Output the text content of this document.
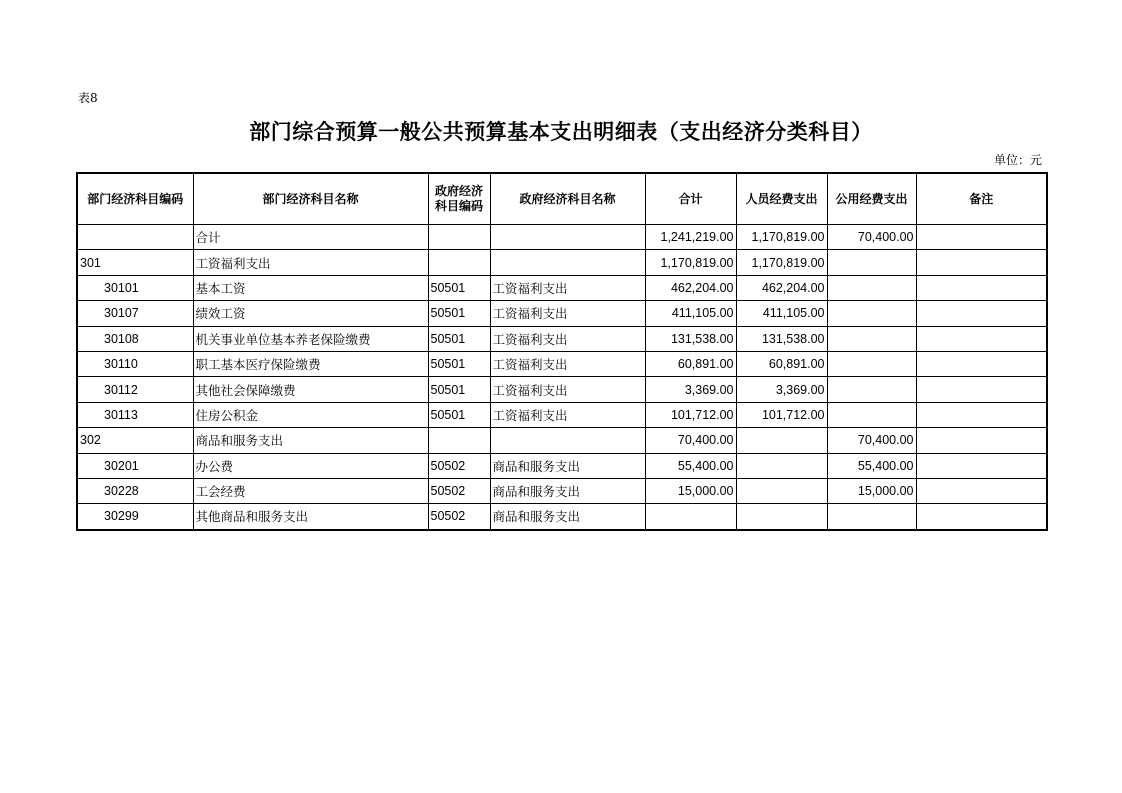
表8
部门综合预算一般公共预算基本支出明细表（支出经济分类科目）
单位：元
部门经济科目编码	部门经济科目名称	政府经济科目编码	政府经济科目名称	合计	人员经费支出	公用经费支出	备注
	合计			1,241,219.00	1,170,819.00	70,400.00	
301	工资福利支出			1,170,819.00	1,170,819.00		
30101	基本工资	50501	工资福利支出	462,204.00	462,204.00		
30107	绩效工资	50501	工资福利支出	411,105.00	411,105.00		
30108	机关事业单位基本养老保险缴费	50501	工资福利支出	131,538.00	131,538.00		
30110	职工基本医疗保险缴费	50501	工资福利支出	60,891.00	60,891.00		
30112	其他社会保障缴费	50501	工资福利支出	3,369.00	3,369.00		
30113	住房公积金	50501	工资福利支出	101,712.00	101,712.00		
302	商品和服务支出			70,400.00		70,400.00	
30201	办公费	50502	商品和服务支出	55,400.00		55,400.00	
30228	工会经费	50502	商品和服务支出	15,000.00		15,000.00	
30299	其他商品和服务支出	50502	商品和服务支出				
